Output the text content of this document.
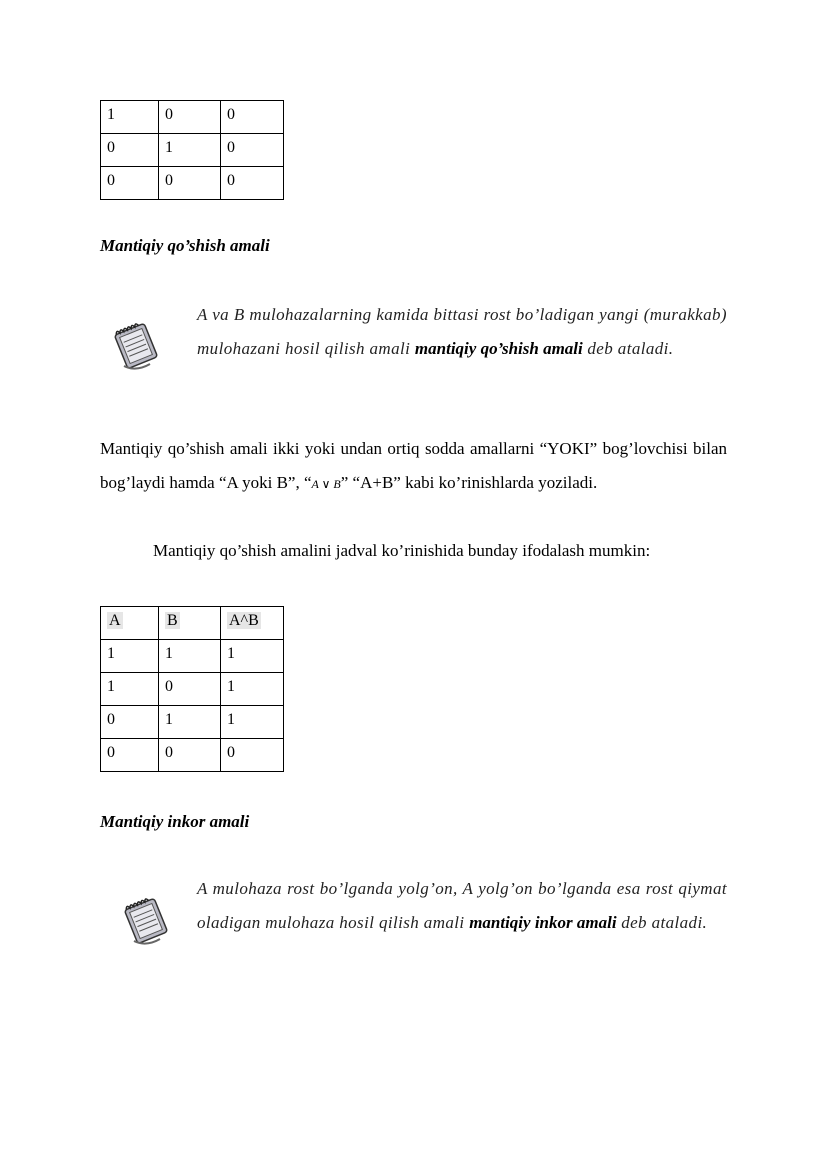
1	0	0
0	1	0
0	0	0
Mantiqiy qo’shish amali
A va B mulohazalarning kamida bittasi rost bo’ladigan yangi (murakkab) mulohazani hosil qilish amali mantiqiy qo’shish amali deb ataladi.
Mantiqiy qo’shish amali ikki yoki undan ortiq sodda amallarni “YOKI” bog’lovchisi bilan bog’laydi hamda “A yoki B”, “A ∨ B” “A+B” kabi ko’rinishlarda yoziladi.
Mantiqiy qo’shish amalini jadval ko’rinishida bunday ifodalash mumkin:
A	B	A^B
1	1	1
1	0	1
0	1	1
0	0	0
Mantiqiy inkor amali
A mulohaza rost bo’lganda yolg’on, A yolg’on bo’lganda esa rost qiymat oladigan mulohaza hosil qilish amali mantiqiy inkor amali deb ataladi.
